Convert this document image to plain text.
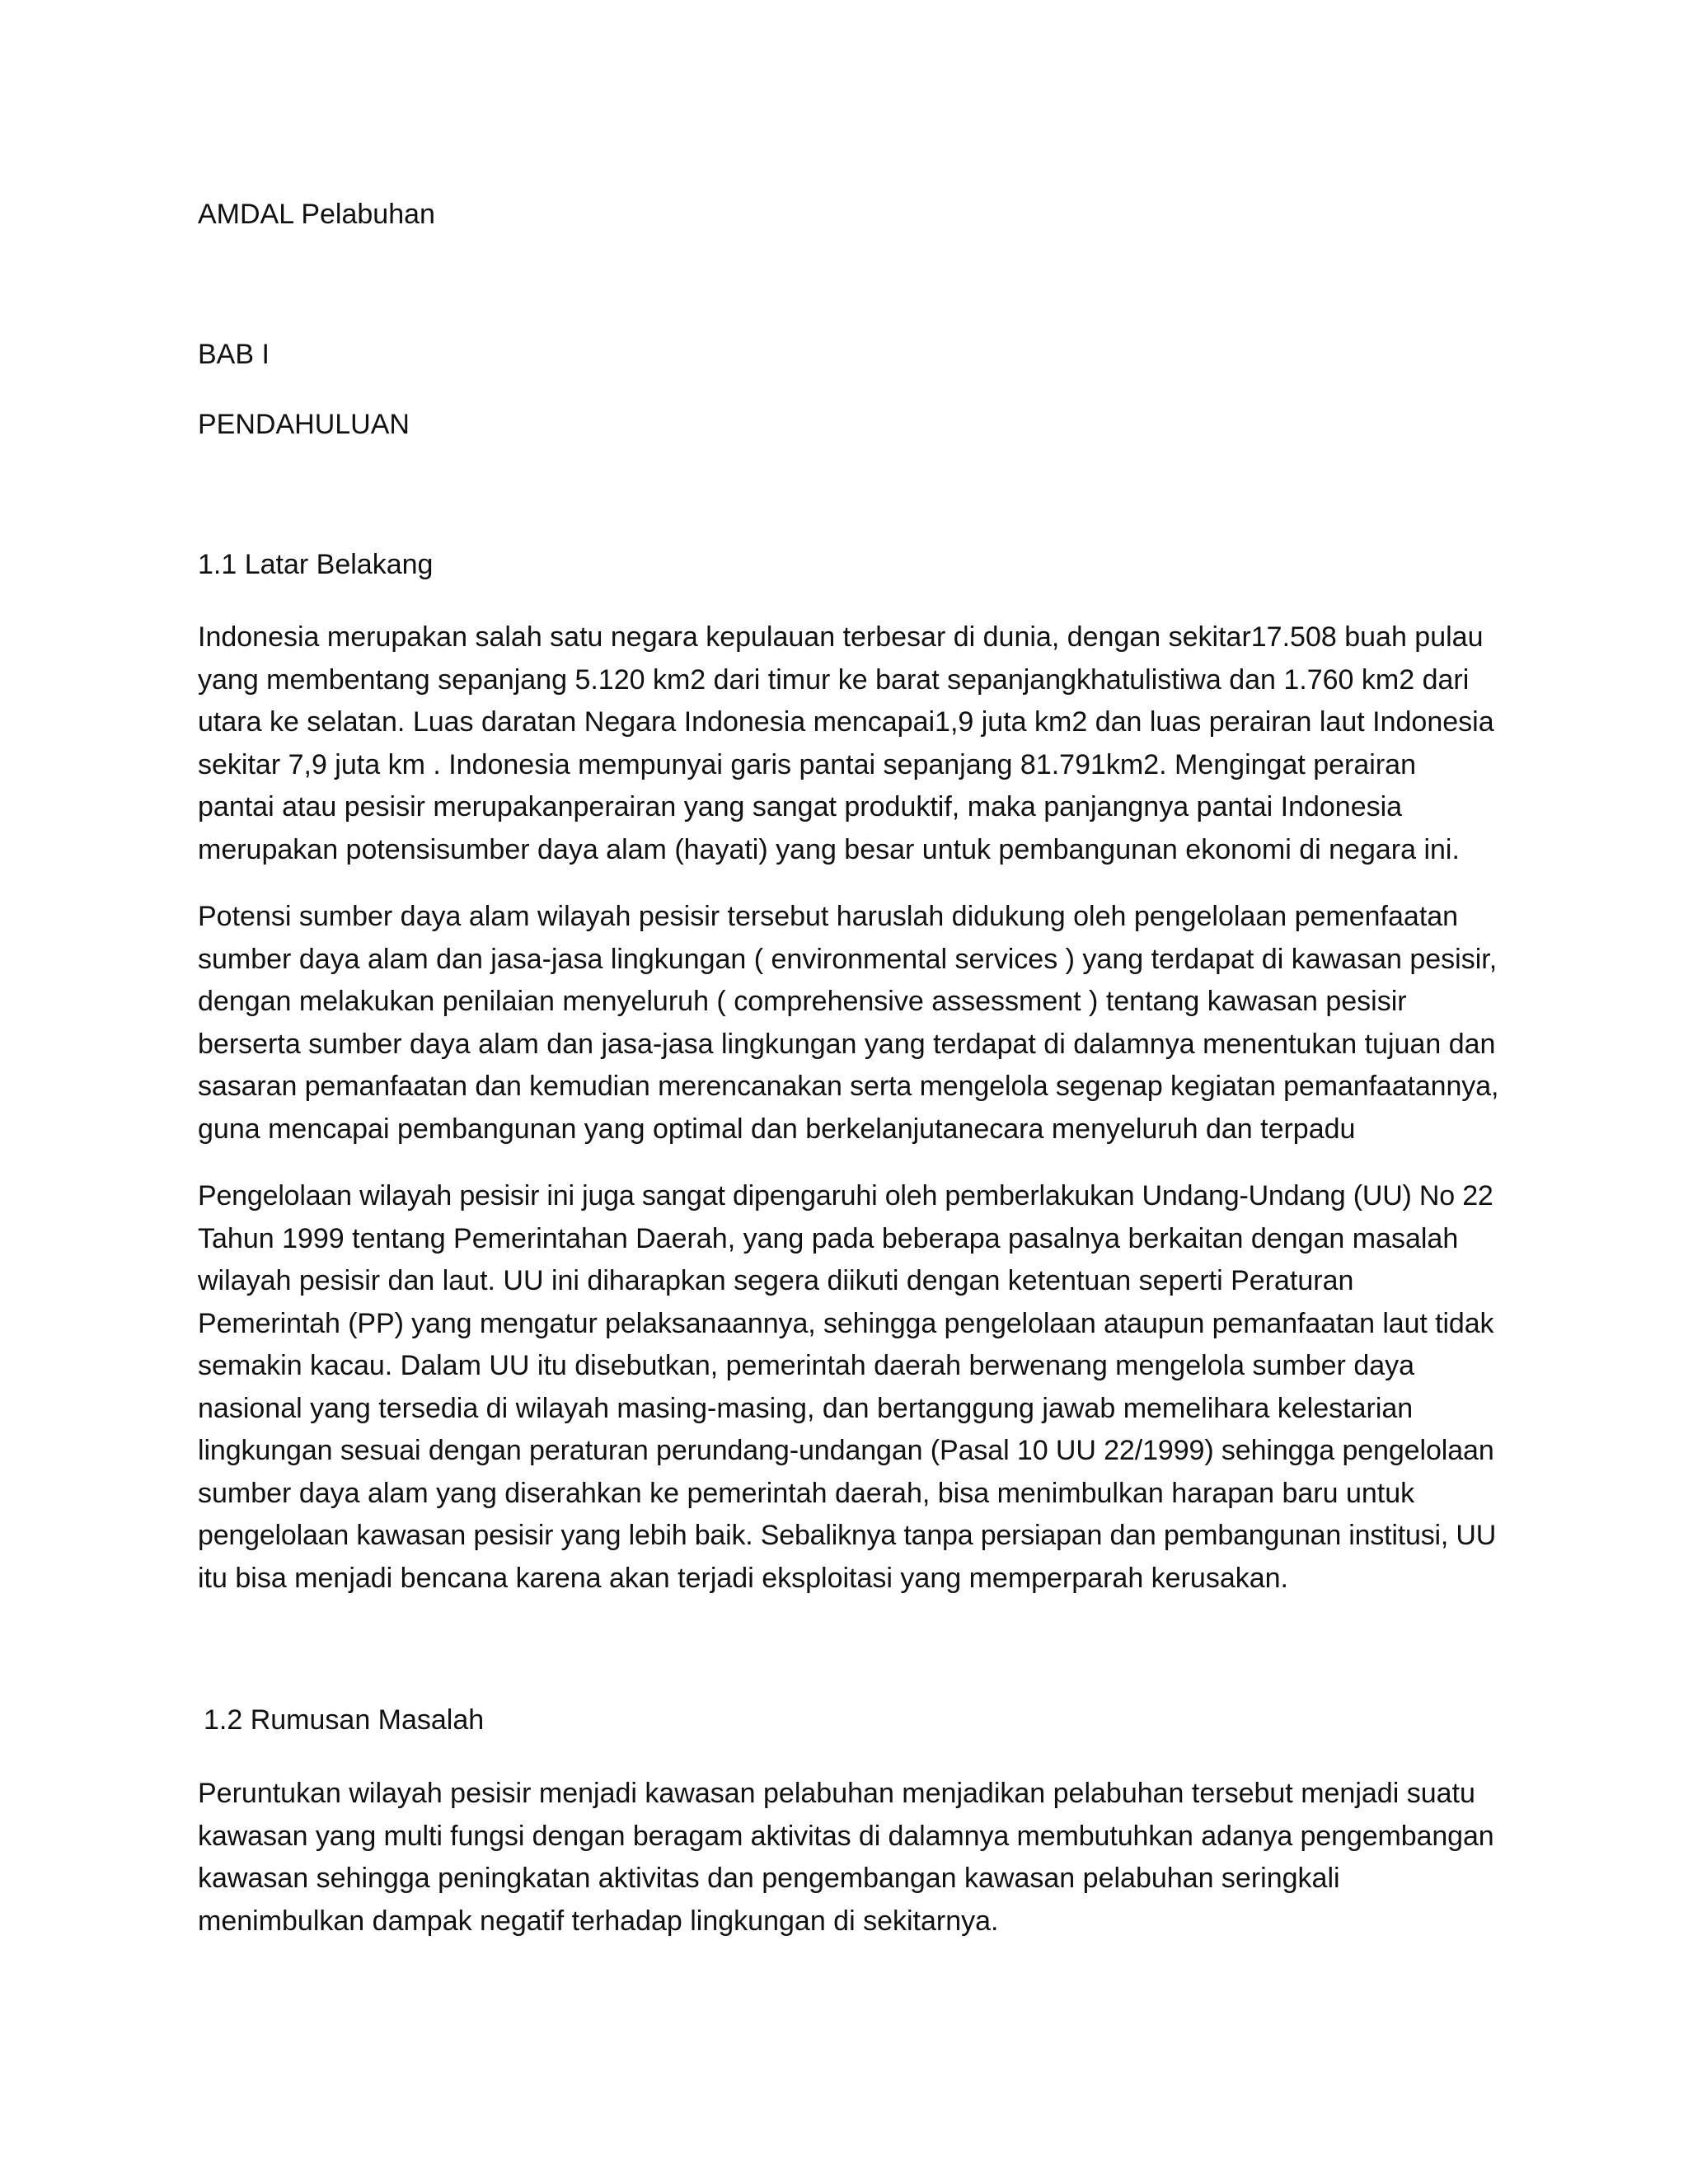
AMDAL Pelabuhan

BAB I

PENDAHULUAN

1.1 Latar Belakang

Indonesia merupakan salah satu negara kepulauan terbesar di dunia, dengan sekitar17.508 buah pulau
yang membentang sepanjang 5.120 km2 dari timur ke barat sepanjangkhatulistiwa dan 1.760 km2 dari
utara ke selatan. Luas daratan Negara Indonesia mencapai1,9 juta km2 dan luas perairan laut Indonesia
sekitar 7,9 juta km . Indonesia mempunyai garis pantai sepanjang 81.791km2. Mengingat perairan
pantai atau pesisir merupakanperairan yang sangat produktif, maka panjangnya pantai Indonesia
merupakan potensisumber daya alam (hayati) yang besar untuk pembangunan ekonomi di negara ini.
Potensi sumber daya alam wilayah pesisir tersebut haruslah didukung oleh pengelolaan pemenfaatan
sumber daya alam dan jasa-jasa lingkungan ( environmental services ) yang terdapat di kawasan pesisir,
dengan melakukan penilaian menyeluruh ( comprehensive assessment ) tentang kawasan pesisir
berserta sumber daya alam dan jasa-jasa lingkungan yang terdapat di dalamnya menentukan tujuan dan
sasaran pemanfaatan dan kemudian merencanakan serta mengelola segenap kegiatan pemanfaatannya,
guna mencapai pembangunan yang optimal dan berkelanjutanecara menyeluruh dan terpadu
Pengelolaan wilayah pesisir ini juga sangat dipengaruhi oleh pemberlakukan Undang-Undang (UU) No 22
Tahun 1999 tentang Pemerintahan Daerah, yang pada beberapa pasalnya berkaitan dengan masalah
wilayah pesisir dan laut. UU ini diharapkan segera diikuti dengan ketentuan seperti Peraturan
Pemerintah (PP) yang mengatur pelaksanaannya, sehingga pengelolaan ataupun pemanfaatan laut tidak
semakin kacau. Dalam UU itu disebutkan, pemerintah daerah berwenang mengelola sumber daya
nasional yang tersedia di wilayah masing-masing, dan bertanggung jawab memelihara kelestarian
lingkungan sesuai dengan peraturan perundang-undangan (Pasal 10 UU 22/1999) sehingga pengelolaan
sumber daya alam yang diserahkan ke pemerintah daerah, bisa menimbulkan harapan baru untuk
pengelolaan kawasan pesisir yang lebih baik. Sebaliknya tanpa persiapan dan pembangunan institusi, UU
itu bisa menjadi bencana karena akan terjadi eksploitasi yang memperparah kerusakan.

1.2 Rumusan Masalah

Peruntukan wilayah pesisir menjadi kawasan pelabuhan menjadikan pelabuhan tersebut menjadi suatu
kawasan yang multi fungsi dengan beragam aktivitas di dalamnya membutuhkan adanya pengembangan
kawasan sehingga peningkatan aktivitas dan pengembangan kawasan pelabuhan seringkali
menimbulkan dampak negatif terhadap lingkungan di sekitarnya.
